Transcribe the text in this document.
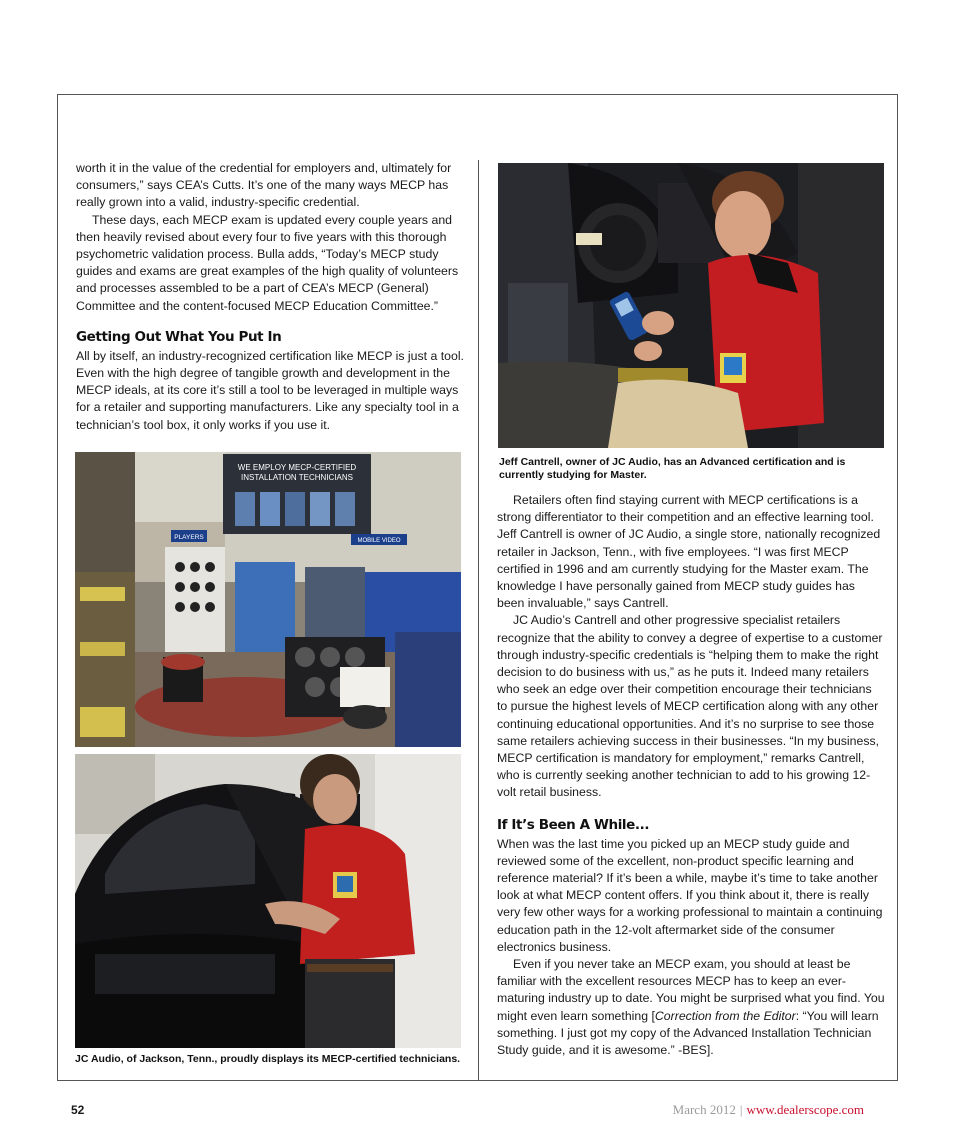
worth it in the value of the credential for employers and, ultimately for consumers,” says CEA’s Cutts. It’s one of the many ways MECP has really grown into a valid, industry-specific credential.

These days, each MECP exam is updated every couple years and then heavily revised about every four to five years with this thorough psychometric validation process. Bulla adds, “Today’s MECP study guides and exams are great examples of the high quality of volunteers and processes assembled to be a part of CEA’s MECP (General) Committee and the content-focused MECP Education Committee.”

Getting Out What You Put In

All by itself, an industry-recognized certification like MECP is just a tool. Even with the high degree of tangible growth and development in the MECP ideals, at its core it’s still a tool to be leveraged in multiple ways for a retailer and supporting manufacturers. Like any specialty tool in a technician’s tool box, it only works if you use it.

WE EMPLOY MECP-CERTIFIED
INSTALLATION TECHNICIANS
PLAYERS	MOBILE VIDEO
JC Audio, of Jackson, Tenn., proudly displays its MECP-certified technicians.
Jeff Cantrell, owner of JC Audio, has an Advanced certification and is currently studying for Master.

Retailers often find staying current with MECP certifications is a strong differentiator to their competition and an effective learning tool. Jeff Cantrell is owner of JC Audio, a single store, nationally recognized retailer in Jackson, Tenn., with five employees. “I was first MECP certified in 1996 and am currently studying for the Master exam. The knowledge I have personally gained from MECP study guides has been invaluable,” says Cantrell.

JC Audio’s Cantrell and other progressive specialist retailers recognize that the ability to convey a degree of expertise to a customer through industry-specific credentials is “helping them to make the right decision to do business with us,” as he puts it. Indeed many retailers who seek an edge over their competition encourage their technicians to pursue the highest levels of MECP certification along with any other continuing educational opportunities. And it’s no surprise to see those same retailers achieving success in their businesses. “In my business, MECP certification is mandatory for employment,” remarks Cantrell, who is currently seeking another technician to add to his growing 12-volt retail business.

If It’s Been A While...

When was the last time you picked up an MECP study guide and reviewed some of the excellent, non-product specific learning and reference material? If it’s been a while, maybe it’s time to take another look at what MECP content offers. If you think about it, there is really very few other ways for a working professional to maintain a continuing education path in the 12-volt aftermarket side of the consumer electronics business.

Even if you never take an MECP exam, you should at least be familiar with the excellent resources MECP has to keep an ever-maturing industry up to date. You might be surprised what you find. You might even learn something [Correction from the Editor: “You will learn something. I just got my copy of the Advanced Installation Technician Study guide, and it is awesome.” -BES].

52	March 2012 | www.dealerscope.com
